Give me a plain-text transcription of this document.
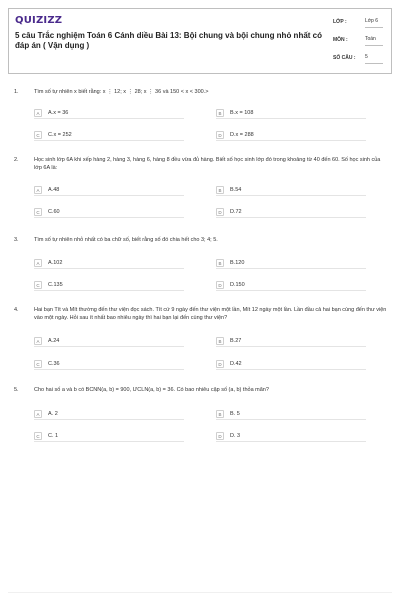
QUIZIZZ
5 câu Trắc nghiệm Toán 6 Cánh diều Bài 13: Bội chung và bội chung nhỏ nhất có đáp án ( Vận dụng )
LỚP :	Lớp 6
MÔN :	Toán
SỐ CÂU : 5
1.	Tìm số tự nhiên x biết rằng: x ⋮ 12; x ⋮ 28; x ⋮ 36 và 150 < x < 300.>
A	A.x = 36	B	B.x = 108
C	C.x = 252	D	D.x = 288
2.	Học sinh lớp 6A khi xếp hàng 2, hàng 3, hàng 6, hàng 8 đều vừa đủ hàng. Biết số học sinh lớp đó trong khoảng từ 40 đến 60. Số học sinh của lớp 6A là:
A	A.48	B	B.54
C	C.60	D	D.72
3.	Tìm số tự nhiên nhỏ nhất có ba chữ số, biết rằng số đó chia hết cho 3; 4; 5.
A	A.102	B	B.120
C	C.135	D	D.150
4.	Hai bạn Tít và Mít thường đến thư viện đọc sách. Tít cứ 9 ngày đến thư viện một lần, Mít 12 ngày một lần. Lần đầu cả hai bạn cùng đến thư viện vào một ngày. Hỏi sau ít nhất bao nhiêu ngày thì hai bạn lại đến cùng thư viện?
A	A.24	B	B.27
C	C.36	D	D.42
5.	Cho hai số a và b có BCNN(a, b) = 900, ƯCLN(a, b) = 36. Có bao nhiêu cặp số (a, b) thỏa mãn?
A	A. 2	B	B. 5
C	C. 1	D	D. 3
